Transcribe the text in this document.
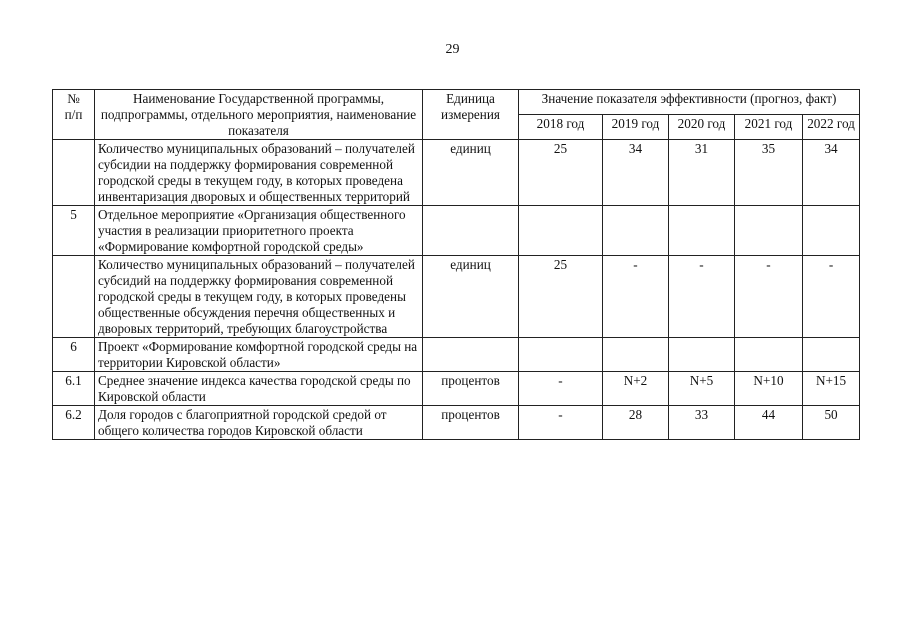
29
№
п/п	Наименование Государственной программы, подпрограммы, отдельного мероприятия, наименование показателя	Единица измерения	Значение показателя эффективности (прогноз, факт)				
			2018 год	2019 год	2020 год	2021 год	2022 год
	Количество муниципальных образований – получателей субсидии на поддержку формирования современной городской среды в текущем году, в которых проведена инвентаризация дворовых и общественных территорий	единиц	25	34	31	35	34
5	Отдельное мероприятие «Организация общественного участия в реализации приоритетного проекта «Формирование комфортной городской среды»						
	Количество муниципальных образований – получателей субсидий на поддержку формирования современной городской среды в текущем году, в которых проведены общественные обсуждения перечня общественных и дворовых территорий, требующих благоустройства	единиц	25	-	-	-	-
6	Проект «Формирование комфортной городской среды на территории Кировской области»						
6.1	Среднее значение индекса качества городской среды по Кировской области	процентов	-	N+2	N+5	N+10	N+15
6.2	Доля городов с благоприятной городской средой от общего количества городов Кировской области	процентов	-	28	33	44	50
